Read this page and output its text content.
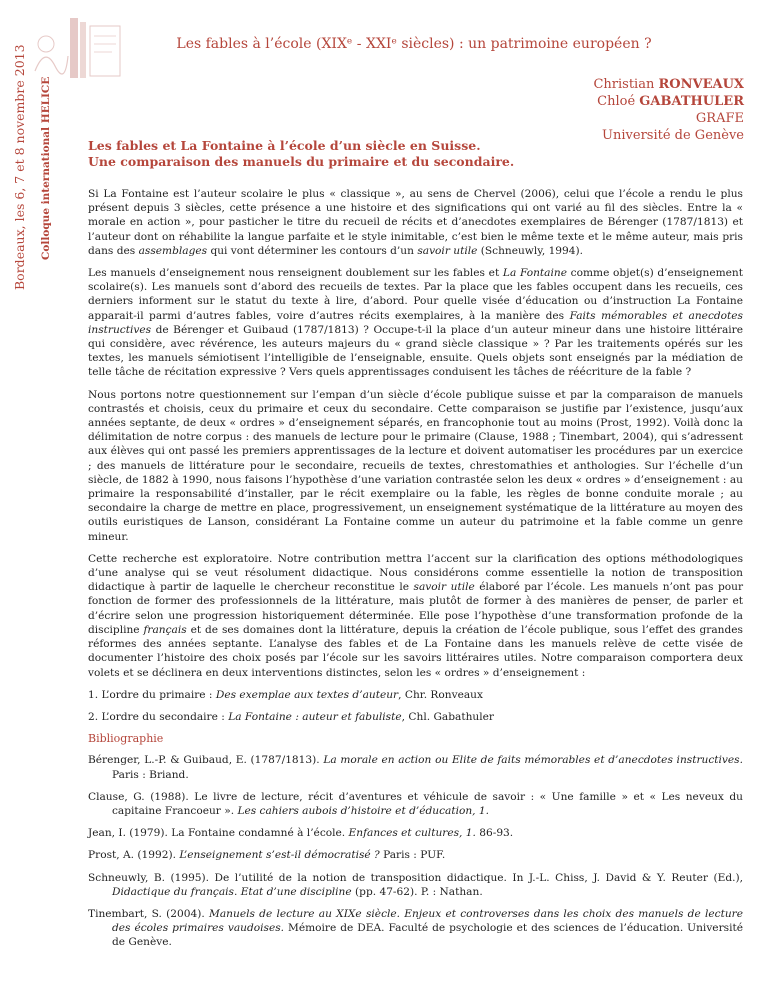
Les fables à l’école (XIXᵉ - XXIᵉ siècles) : un patrimoine européen ?
Bordeaux, les 6, 7 et 8 novembre 2013 Colloque international HELICE	Christian RONVEAUX
Chloé GABATHULER
GRAFE
Université de Genève
Les fables et La Fontaine à l’école d’un siècle en Suisse.
Une comparaison des manuels du primaire et du secondaire.

Si La Fontaine est l’auteur scolaire le plus « classique », au sens de Chervel (2006), celui que l’école a rendu le plus présent depuis 3 siècles, cette présence a une histoire et des significations qui ont varié au fil des siècles. Entre la « morale en action », pour pasticher le titre du recueil de récits et d’anecdotes exemplaires de Bérenger (1787/1813) et l’auteur dont on réhabilite la langue parfaite et le style inimitable, c’est bien le même texte et le même auteur, mais pris dans des assemblages qui vont déterminer les contours d’un savoir utile (Schneuwly, 1994).

Les manuels d’enseignement nous renseignent doublement sur les fables et La Fontaine comme objet(s) d’enseignement scolaire(s). Les manuels sont d’abord des recueils de textes. Par la place que les fables occupent dans les recueils, ces derniers informent sur le statut du texte à lire, d’abord. Pour quelle visée d’éducation ou d’instruction La Fontaine apparait-il parmi d’autres fables, voire d’autres récits exemplaires, à la manière des Faits mémorables et anecdotes instructives de Bérenger et Guibaud (1787/1813) ? Occupe-t-il la place d’un auteur mineur dans une histoire littéraire qui considère, avec révérence, les auteurs majeurs du « grand siècle classique » ? Par les traitements opérés sur les textes, les manuels sémiotisent l’intelligible de l’enseignable, ensuite. Quels objets sont enseignés par la médiation de telle tâche de récitation expressive ? Vers quels apprentissages conduisent les tâches de réécriture de la fable ?

Nous portons notre questionnement sur l’empan d’un siècle d’école publique suisse et par la comparaison de manuels contrastés et choisis, ceux du primaire et ceux du secondaire. Cette comparaison se justifie par l’existence, jusqu’aux années septante, de deux « ordres » d’enseignement séparés, en francophonie tout au moins (Prost, 1992). Voilà donc la délimitation de notre corpus : des manuels de lecture pour le primaire (Clause, 1988 ; Tinembart, 2004), qui s’adressent aux élèves qui ont passé les premiers apprentissages de la lecture et doivent automatiser les procédures par un exercice ; des manuels de littérature pour le secondaire, recueils de textes, chrestomathies et anthologies. Sur l’échelle d’un siècle, de 1882 à 1990, nous faisons l’hypothèse d’une variation contrastée selon les deux « ordres » d’enseignement : au primaire la responsabilité d’installer, par le récit exemplaire ou la fable, les règles de bonne conduite morale ; au secondaire la charge de mettre en place, progressivement, un enseignement systématique de la littérature au moyen des outils euristiques de Lanson, considérant La Fontaine comme un auteur du patrimoine et la fable comme un genre mineur.

Cette recherche est exploratoire. Notre contribution mettra l’accent sur la clarification des options méthodologiques d’une analyse qui se veut résolument didactique. Nous considérons comme essentielle la notion de transposition didactique à partir de laquelle le chercheur reconstitue le savoir utile élaboré par l’école. Les manuels n’ont pas pour fonction de former des professionnels de la littérature, mais plutôt de former à des manières de penser, de parler et d’écrire selon une progression historiquement déterminée. Elle pose l’hypothèse d’une transformation profonde de la discipline français et de ses domaines dont la littérature, depuis la création de l’école publique, sous l’effet des grandes réformes des années septante. L’analyse des fables et de La Fontaine dans les manuels relève de cette visée de documenter l’histoire des choix posés par l’école sur les savoirs littéraires utiles. Notre comparaison comportera deux volets et se déclinera en deux interventions distinctes, selon les « ordres » d’enseignement :

1. L’ordre du primaire : Des exemplae aux textes d’auteur, Chr. Ronveaux

2. L’ordre du secondaire : La Fontaine : auteur et fabuliste, Chl. Gabathuler

Bibliographie

Bérenger, L.-P. & Guibaud, E. (1787/1813). La morale en action ou Elite de faits mémorables et d’anecdotes instructives. Paris : Briand.

Clause, G. (1988). Le livre de lecture, récit d’aventures et véhicule de savoir : « Une famille » et « Les neveux du capitaine Francoeur ». Les cahiers aubois d’histoire et d’éducation, 1.

Jean, I. (1979). La Fontaine condamné à l’école. Enfances et cultures, 1. 86-93.

Prost, A. (1992). L’enseignement s’est-il démocratisé ? Paris : PUF.

Schneuwly, B. (1995). De l’utilité de la notion de transposition didactique. In J.-L. Chiss, J. David & Y. Reuter (Ed.), Didactique du français. Etat d’une discipline (pp. 47-62). P. : Nathan.

Tinembart, S. (2004). Manuels de lecture au XIXe siècle. Enjeux et controverses dans les choix des manuels de lecture des écoles primaires vaudoises. Mémoire de DEA. Faculté de psychologie et des sciences de l’éducation. Université de Genève.
